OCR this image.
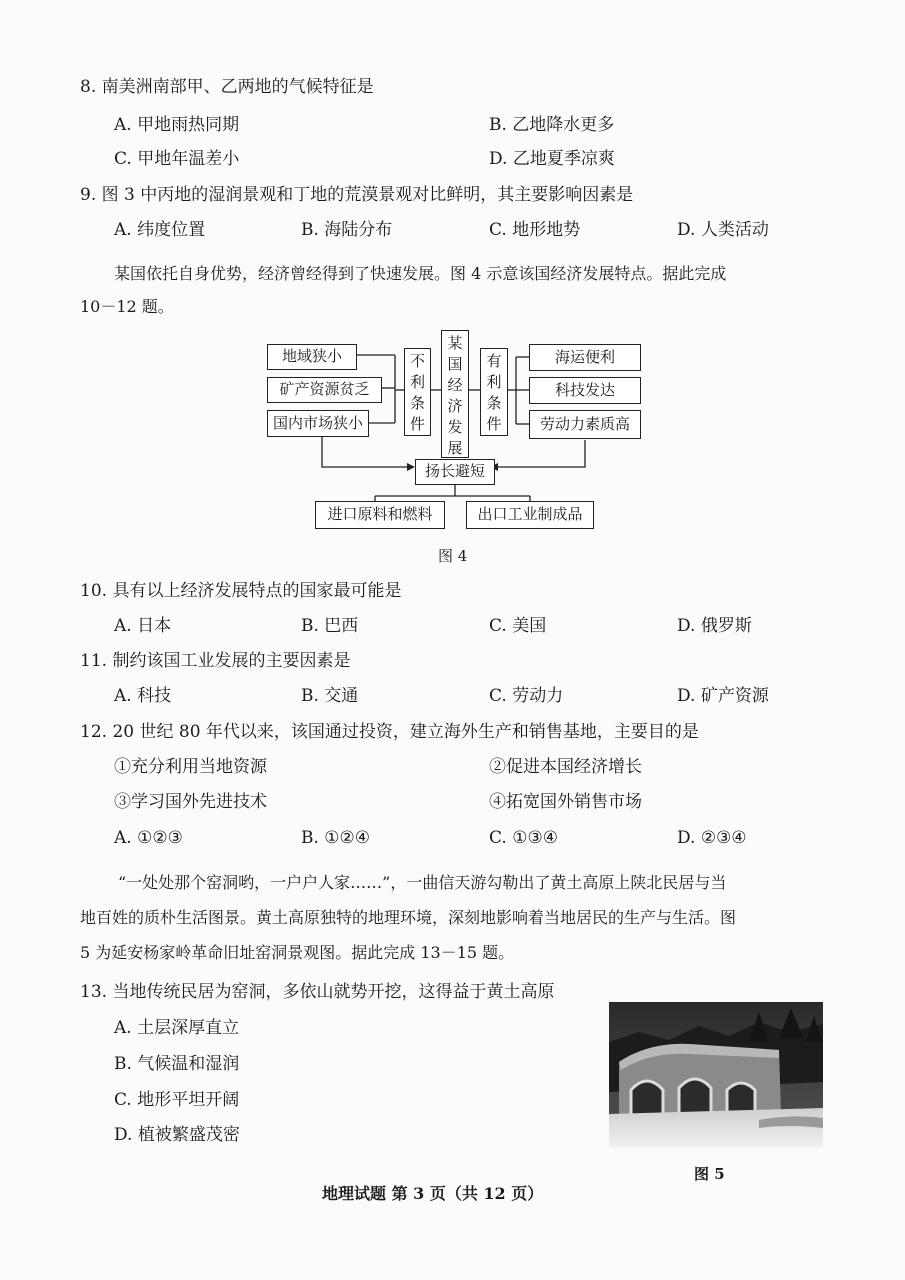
8. 南美洲南部甲、乙两地的气候特征是
A. 甲地雨热同期	B. 乙地降水更多
C. 甲地年温差小	D. 乙地夏季凉爽
9. 图 3 中丙地的湿润景观和丁地的荒漠景观对比鲜明，其主要影响因素是
A. 纬度位置	B. 海陆分布	C. 地形地势	D. 人类活动
某国依托自身优势，经济曾经得到了快速发展。图 4 示意该国经济发展特点。据此完成
10－12 题。
地域狭小
矿产资源贫乏
国内市场狭小
不
利
条
件
某
国
经
济
发
展
有
利
条
件
海运便利
科技发达
劳动力素质高
扬长避短
进口原料和燃料	出口工业制成品
图 4
10. 具有以上经济发展特点的国家最可能是
A. 日本	B. 巴西	C. 美国	D. 俄罗斯
11. 制约该国工业发展的主要因素是
A. 科技	B. 交通	C. 劳动力	D. 矿产资源
12. 20 世纪 80 年代以来，该国通过投资，建立海外生产和销售基地，主要目的是
①充分利用当地资源	②促进本国经济增长
③学习国外先进技术	④拓宽国外销售市场
A. ①②③	B. ①②④	C. ①③④	D. ②③④
“一处处那个窑洞哟，一户户人家……”，一曲信天游勾勒出了黄土高原上陕北民居与当
地百姓的质朴生活图景。黄土高原独特的地理环境，深刻地影响着当地居民的生产与生活。图
5 为延安杨家岭革命旧址窑洞景观图。据此完成 13－15 题。
13. 当地传统民居为窑洞，多依山就势开挖，这得益于黄土高原
A. 土层深厚直立
B. 气候温和湿润
C. 地形平坦开阔
D. 植被繁盛茂密
图 5
地理试题 第 3 页（共 12 页）
